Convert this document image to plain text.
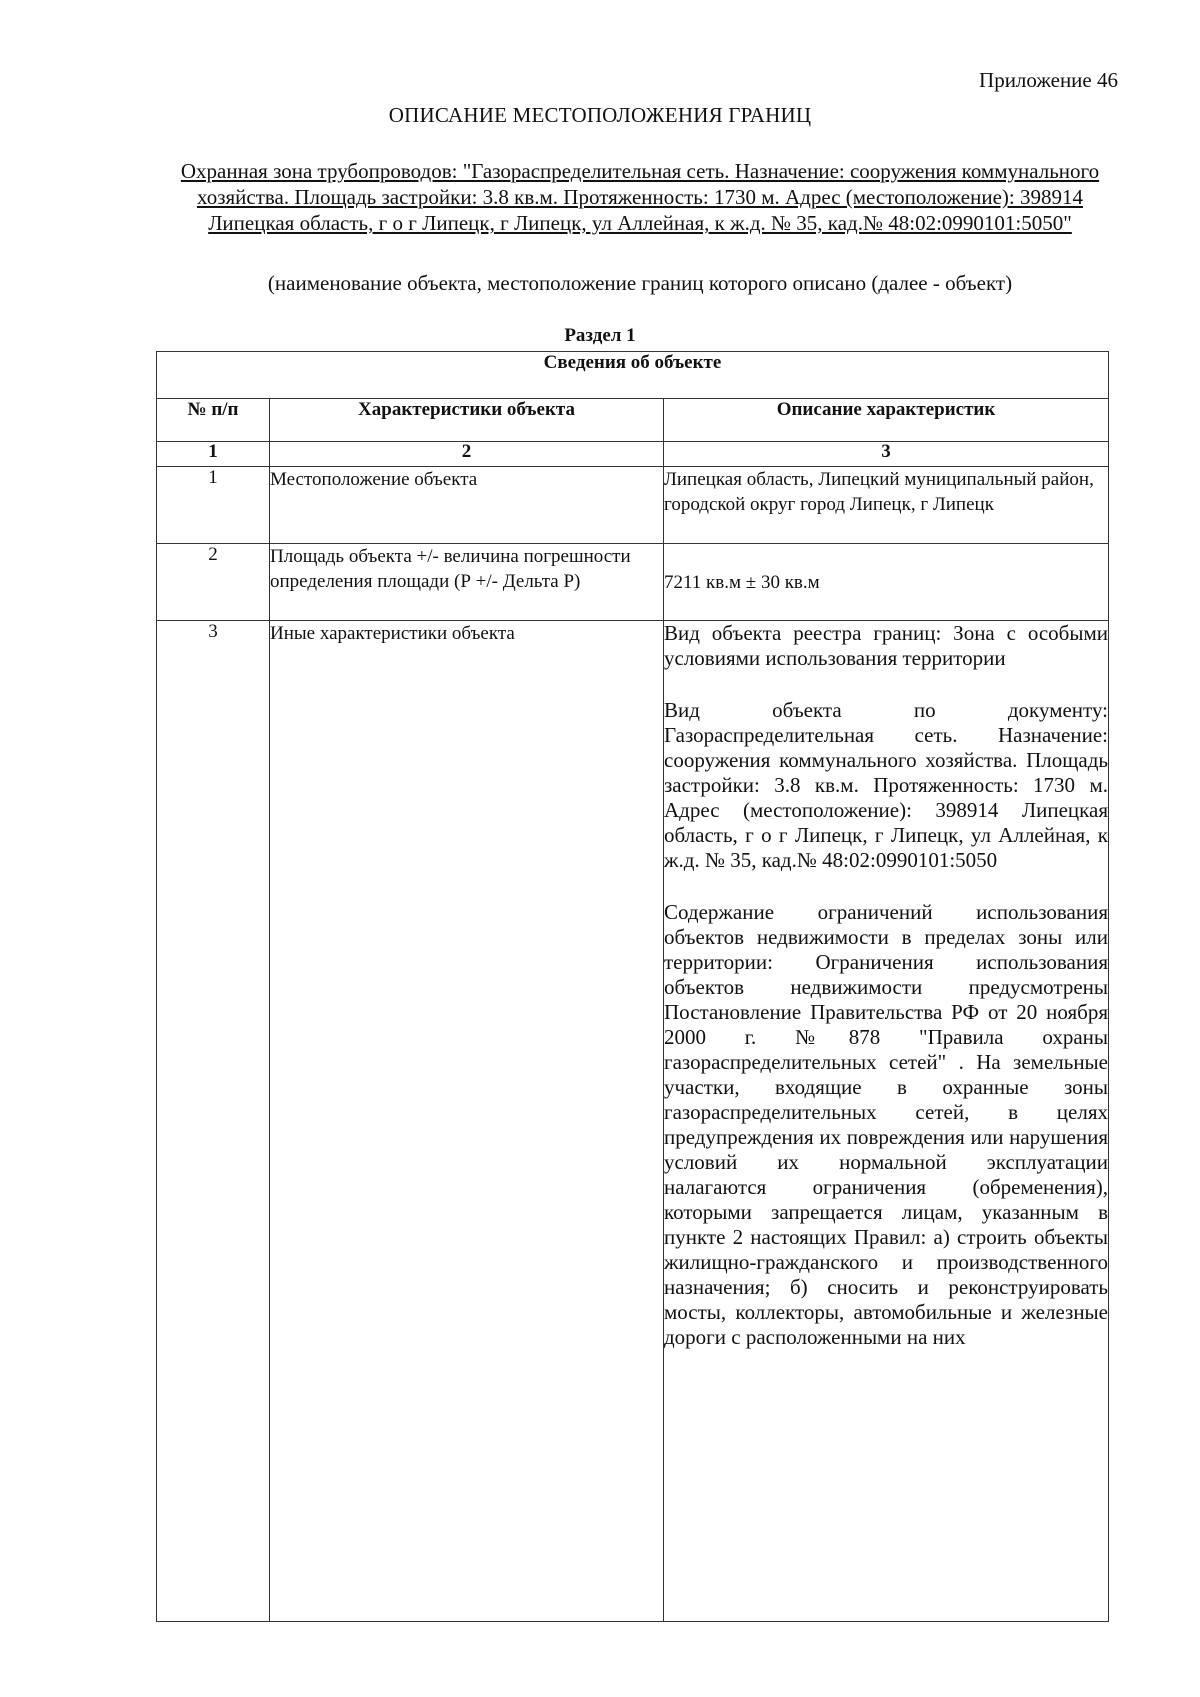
Приложение 46
ОПИСАНИЕ МЕСТОПОЛОЖЕНИЯ ГРАНИЦ
Охранная зона трубопроводов: "Газораспределительная сеть. Назначение: сооружения коммунального хозяйства. Площадь застройки: 3.8 кв.м. Протяженность: 1730 м. Адрес (местоположение): 398914 Липецкая область, г о г Липецк, г Липецк, ул Аллейная, к ж.д. № 35, кад.№ 48:02:0990101:5050"
(наименование объекта, местоположение границ которого описано (далее - объект)
Раздел 1
Сведения об объекте		
№ п/п	Характеристики объекта	Описание характеристик
1	2	3
1	Местоположение объекта	Липецкая область, Липецкий муниципальный район, городской округ город Липецк, г Липецк
2	Площадь объекта +/- величина погрешности определения площади (Р +/- Дельта Р)	7211 кв.м ± 30 кв.м
3	Иные характеристики объекта	Вид объекта реестра границ: Зона с особыми условиями использования территории

Вид объекта по документу: Газораспределительная сеть. Назначение: сооружения коммунального хозяйства. Площадь застройки: 3.8 кв.м. Протяженность: 1730 м. Адрес (местоположение): 398914 Липецкая область, г о г Липецк, г Липецк, ул Аллейная, к ж.д. № 35, кад.№ 48:02:0990101:5050

Содержание ограничений использования объектов недвижимости в пределах зоны или территории: Ограничения использования объектов недвижимости предусмотрены Постановление Правительства РФ от 20 ноября 2000 г. №878 "Правила охраны газораспределительных сетей" . На земельные участки, входящие в охранные зоны газораспределительных сетей, в целях предупреждения их повреждения или нарушения условий их нормальной эксплуатации налагаются ограничения (обременения), которыми запрещается лицам, указанным в пункте 2 настоящих Правил: а) строить объекты жилищно-гражданского и производственного назначения; б) сносить и реконструировать мосты, коллекторы, автомобильные и железные дороги с расположенными на них
